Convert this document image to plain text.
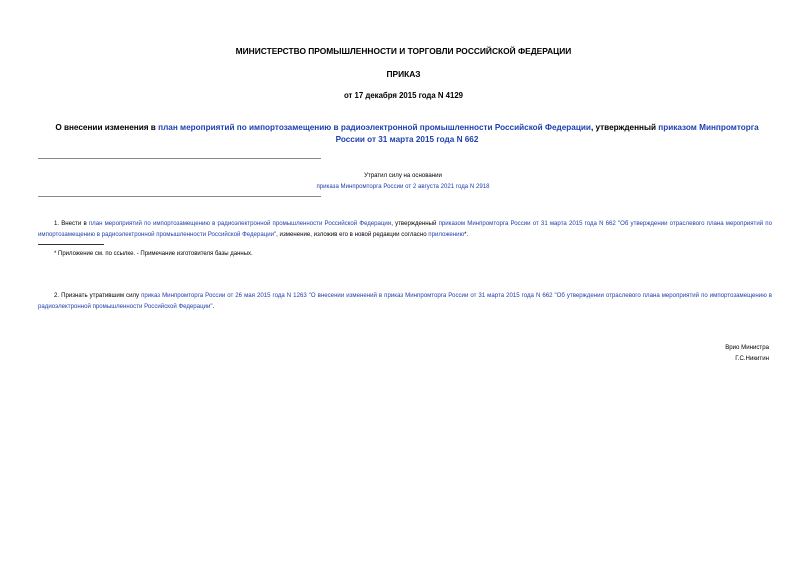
МИНИСТЕРСТВО ПРОМЫШЛЕННОСТИ И ТОРГОВЛИ РОССИЙСКОЙ ФЕДЕРАЦИИ
ПРИКАЗ
от 17 декабря 2015 года N 4129
О внесении изменения в план мероприятий по импортозамещению в радиоэлектронной промышленности Российской Федерации, утвержденный приказом Минпромторга России от 31 марта 2015 года N 662
Утратил силу на основании
приказа Минпромторга России от 2 августа 2021 года N 2918
1. Внести в план мероприятий по импортозамещению в радиоэлектронной промышленности Российской Федерации, утвержденный приказом Минпромторга России от 31 марта 2015 года N 662 "Об утверждении отраслевого плана мероприятий по импортозамещению в радиоэлектронной промышленности Российской Федерации", изменение, изложив его в новой редакции согласно приложению*.
* Приложение см. по ссылке. - Примечание изготовителя базы данных.
2. Признать утратившим силу приказ Минпромторга России от 26 мая 2015 года N 1263 "О внесении изменений в приказ Минпромторга России от 31 марта 2015 года N 662 "Об утверждении отраслевого плана мероприятий по импортозамещению в радиоэлектронной промышленности Российской Федерации".
Врио Министра
Г.С.Никитин
